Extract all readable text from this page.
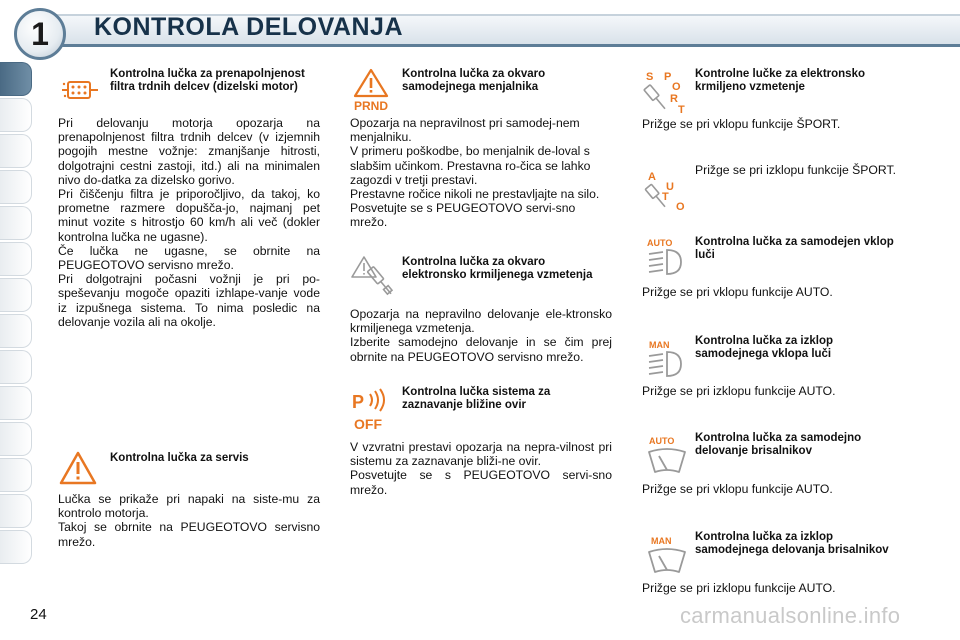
1	KONTROLA DELOVANJA
Kontrolna lučka za prenapolnjenost filtra trdnih delcev (dizelski motor)

Pri delovanju motorja opozarja na prenapolnjenost filtra trdnih delcev (v izjemnih pogojih mestne vožnje: zmanjšanje hitrosti, dolgotrajni cestni zastoji, itd.) ali na minimalen nivo do-datka za dizelsko gorivo.

Pri čiščenju filtra je priporočljivo, da takoj, ko prometne razmere dopušča-jo, najmanj pet minut vozite s hitrostjo 60 km/h ali več (dokler kontrolna lučka ne ugasne).

Če lučka ne ugasne, se obrnite na PEUGEOTOVO servisno mrežo.

Pri dolgotrajni počasni vožnji je pri po-speševanju mogoče opaziti izhlape-vanje vode iz izpušnega sistema. To nima posledic na delovanje vozila ali na okolje.

Kontrolna lučka za servis

Lučka se prikaže pri napaki na siste-mu za kontrolo motorja.

Takoj se obrnite na PEUGEOTOVO servisno mrežo.

PRND
Kontrolna lučka za okvaro samodejnega menjalnika

Opozarja na nepravilnost pri samodej-nem menjalniku.

V primeru poškodbe, bo menjalnik de-loval s slabšim učinkom. Prestavna ro-čica se lahko zagozdi v tretji prestavi.

Prestavne ročice nikoli ne prestavljajte na silo.

Posvetujte se s PEUGEOTOVO servi-sno mrežo.

Kontrolna lučka za okvaro elektronsko krmiljenega vzmetenja

Opozarja na nepravilno delovanje ele-ktronsko krmiljenega vzmetenja.

Izberite samodejno delovanje in se čim prej obrnite na PEUGEOTOVO servisno mrežo.

P
OFF
Kontrolna lučka sistema za zaznavanje bližine ovir

V vzvratni prestavi opozarja na nepra-vilnost pri sistemu za zaznavanje bliži-ne ovir.

Posvetujte se s PEUGEOTOVO servi-sno mrežo.

S P
O
R
T
Kontrolne lučke za elektronsko krmiljeno vzmetenje
Prižge se pri vklopu funkcije ŠPORT.
A
U
T
O
Prižge se pri izklopu funkcije ŠPORT.
AUTO Kontrolna lučka za samodejen vklop luči
Prižge se pri vklopu funkcije AUTO.
MAN Kontrolna lučka za izklop samodejnega vklopa luči
Prižge se pri izklopu funkcije AUTO.
AUTO Kontrolna lučka za samodejno delovanje brisalnikov
Prižge se pri vklopu funkcije AUTO.
MAN Kontrolna lučka za izklop samodejnega delovanja brisalnikov
Prižge se pri izklopu funkcije AUTO.
24	carmanualsonline.info
